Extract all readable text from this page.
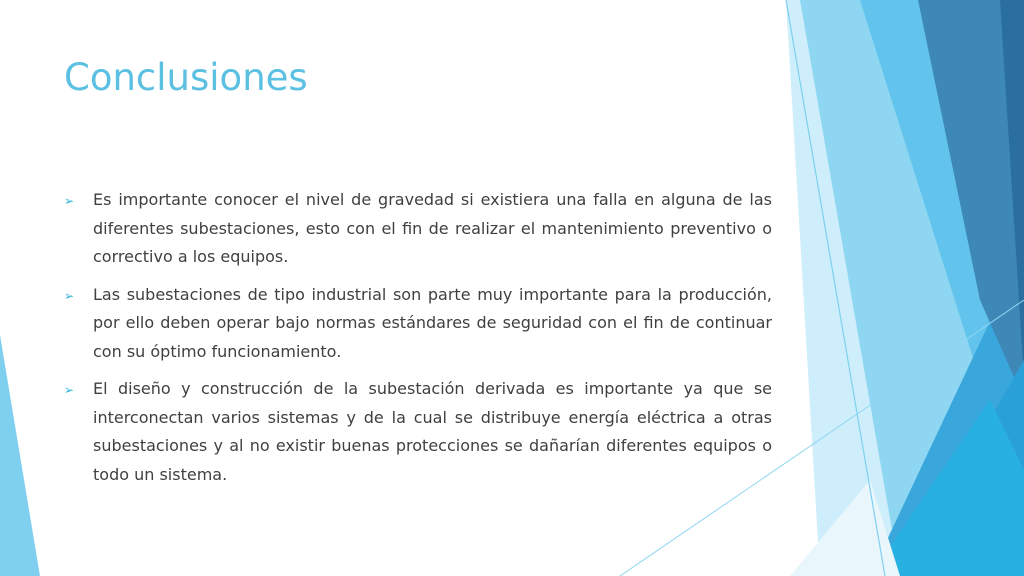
Conclusiones
➢ Es importante conocer el nivel de gravedad si existiera una falla en alguna de las diferentes subestaciones, esto con el fin de realizar el mantenimiento preventivo o correctivo a los equipos.
➢ Las subestaciones de tipo industrial son parte muy importante para la producción, por ello deben operar bajo normas estándares de seguridad con el fin de continuar con su óptimo funcionamiento.
➢ El diseño y construcción de la subestación derivada es importante ya que se interconectan varios sistemas y de la cual se distribuye energía eléctrica a otras subestaciones y al no existir buenas protecciones se dañarían diferentes equipos o todo un sistema.
